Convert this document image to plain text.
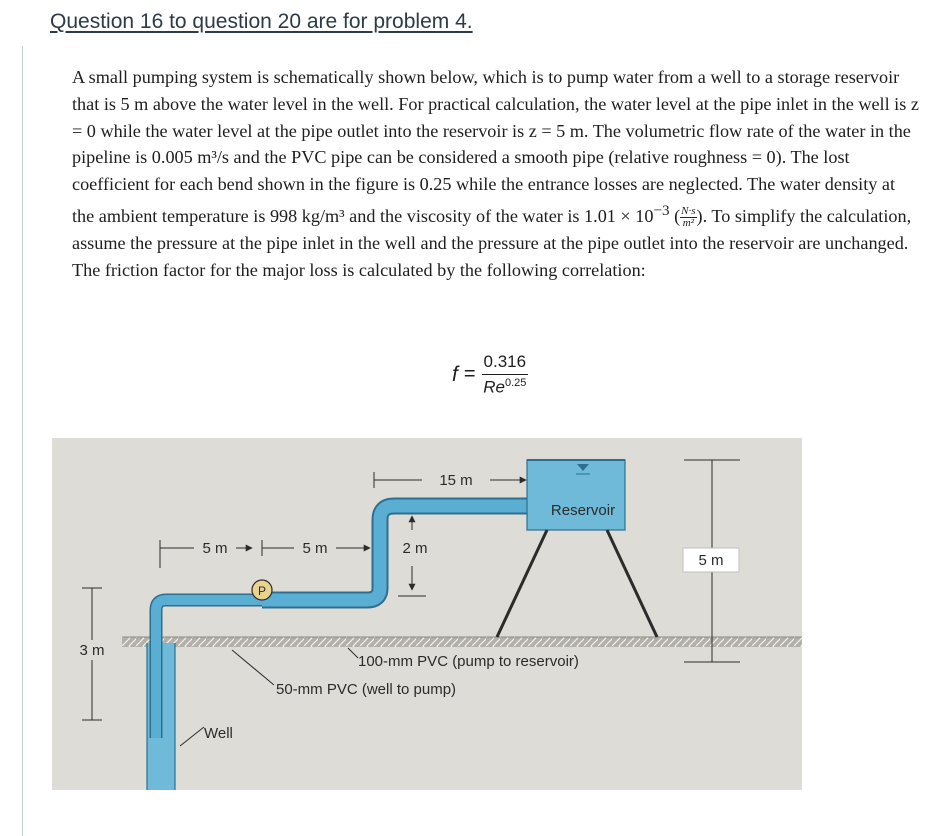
Question 16 to question 20 are for problem 4.

A small pumping system is schematically shown below, which is to pump water from a well to a storage reservoir that is 5 m above the water level in the well. For practical calculation, the water level at the pipe inlet in the well is z = 0 while the water level at the pipe outlet into the reservoir is z = 5 m. The volumetric flow rate of the water in the pipeline is 0.005 m³/s and the PVC pipe can be considered a smooth pipe (relative roughness = 0). The lost coefficient for each bend shown in the figure is 0.25 while the entrance losses are neglected. The water density at the ambient temperature is 998 kg/m³ and the viscosity of the water is $1.01 \times 10^{-3}$ ( $\frac{N\cdot s}{\text{m²}}$ ). To simplify the calculation, assume the pressure at the pipe inlet in the well and the pressure at the pipe outlet into the reservoir are unchanged. The friction factor for the major loss is calculated by the following correlation:

$f = \frac{0.316}{Re^{0.25}}$
15 m
5 m	5 m	2 m
3 m
5 m
Reservoir
P
Well
100-mm PVC (pump to reservoir)
50-mm PVC (well to pump)
